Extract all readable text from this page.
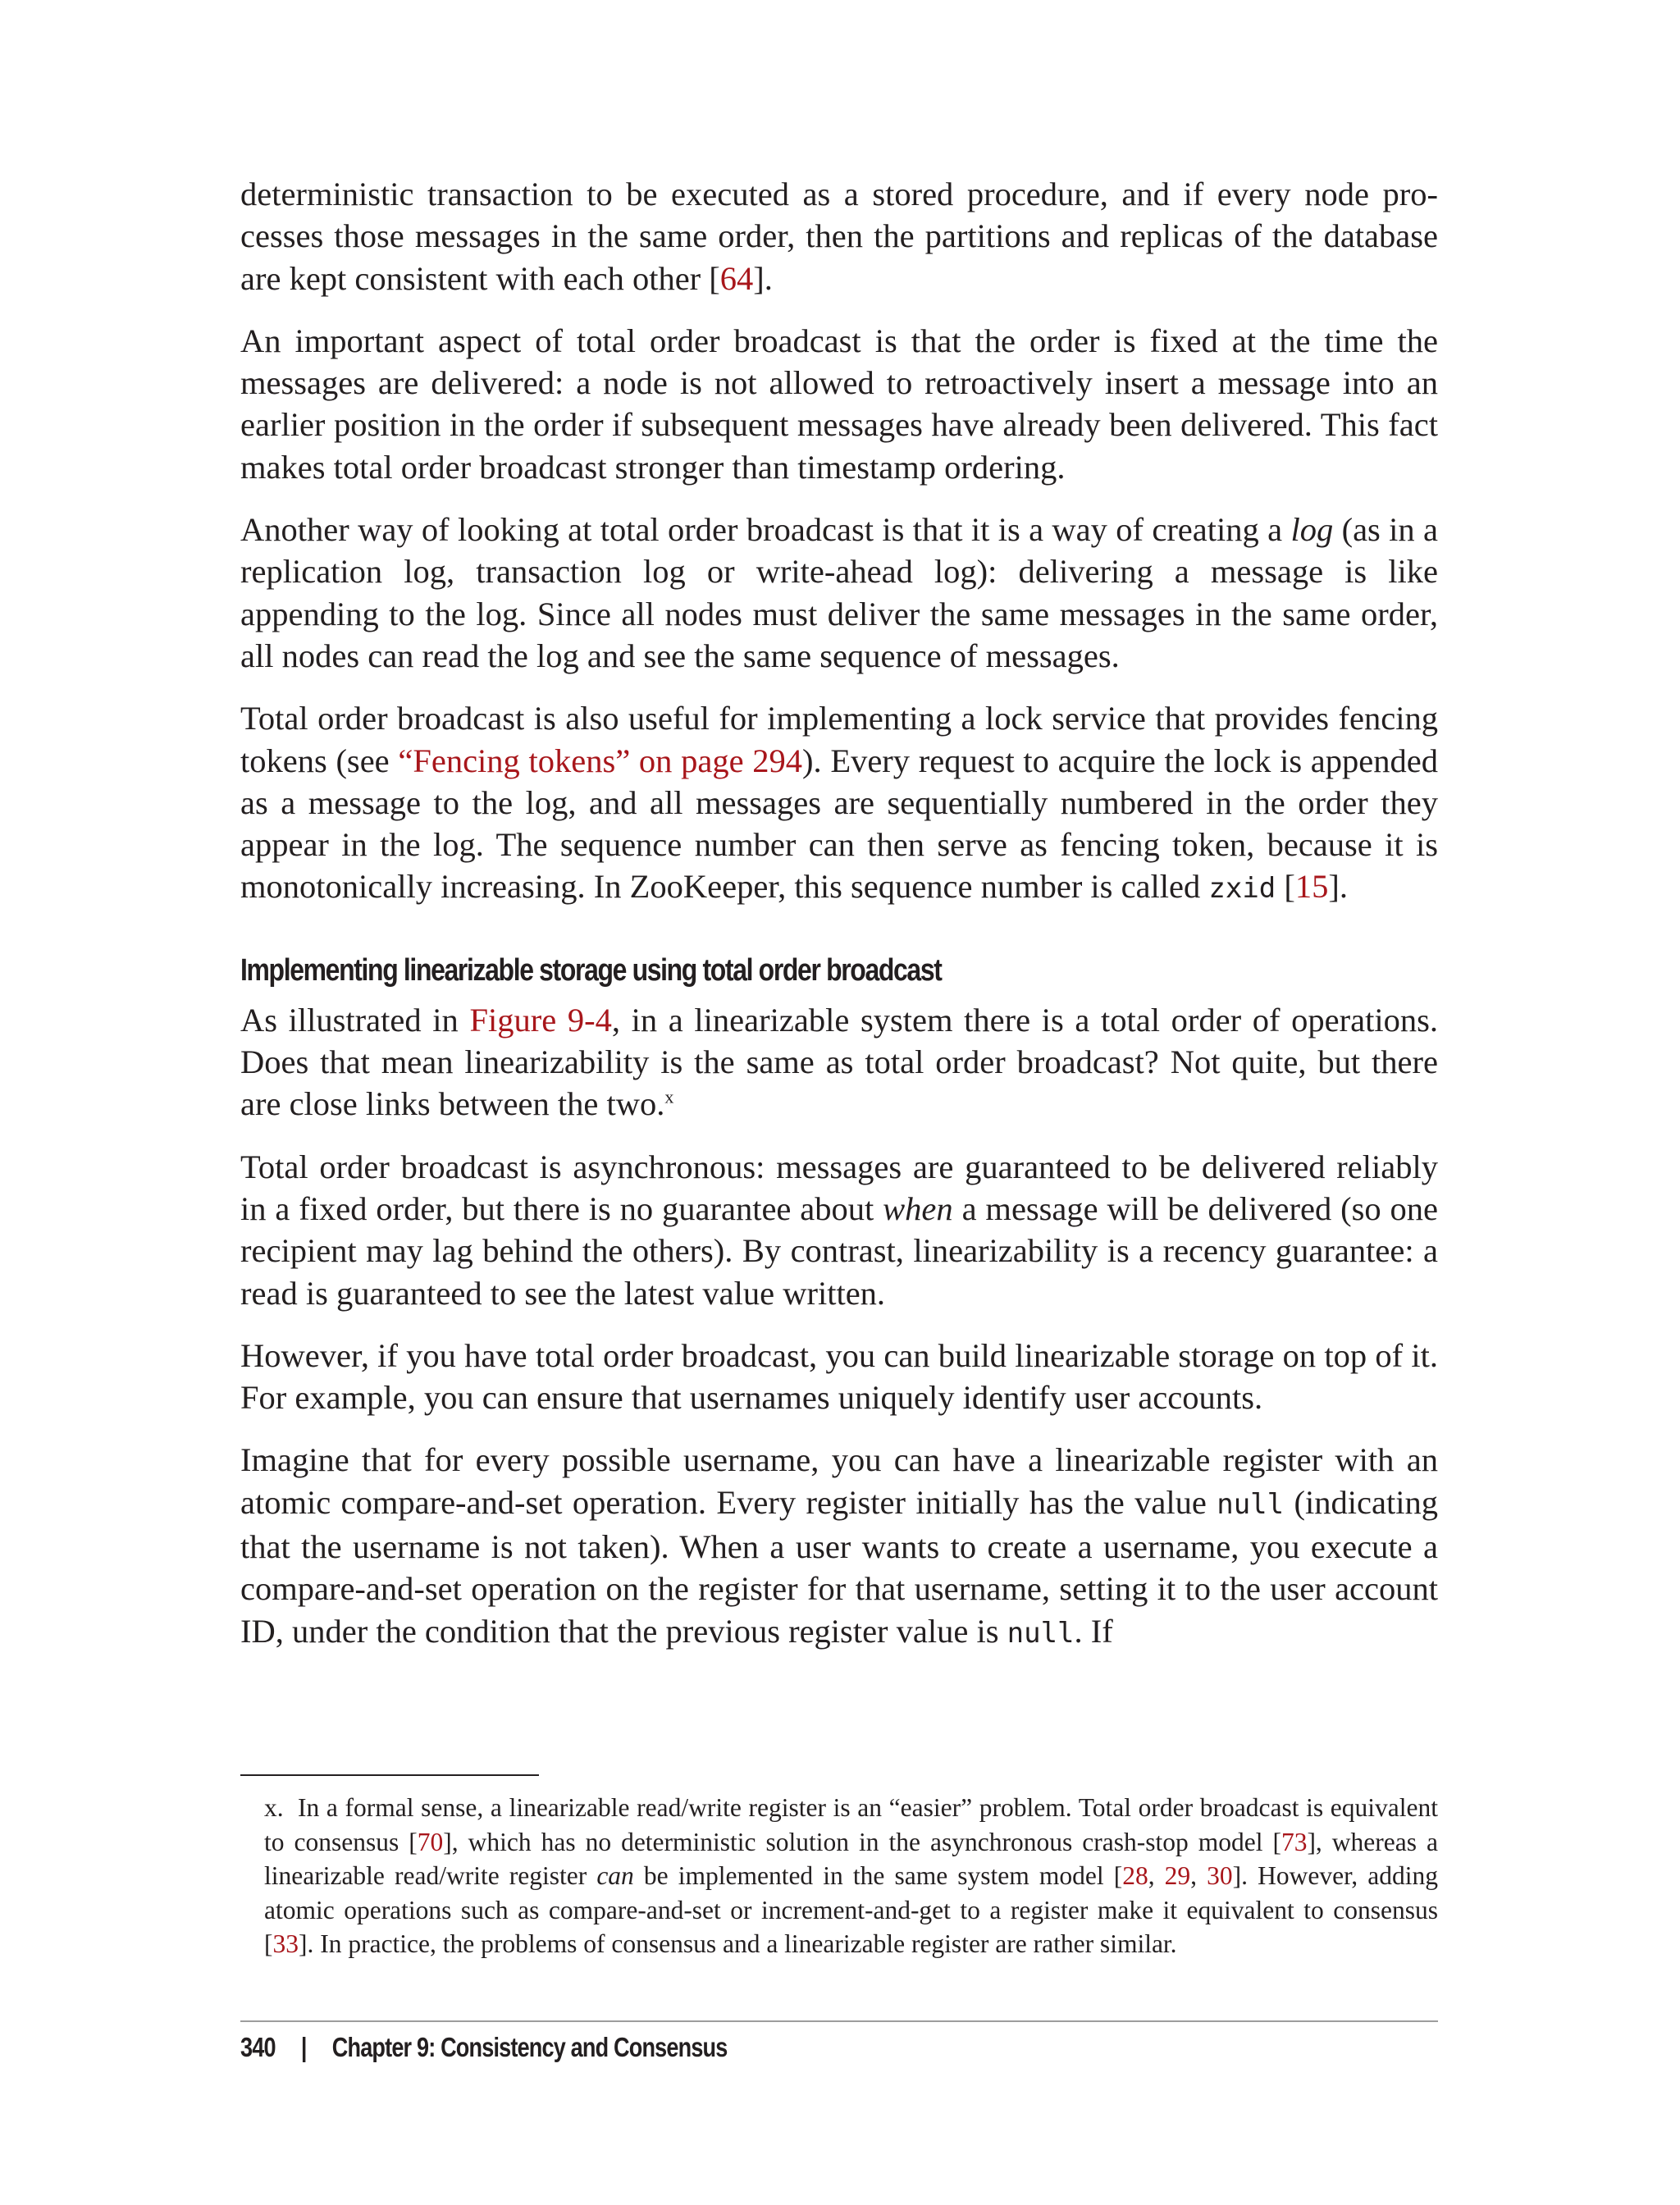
deterministic transaction to be executed as a stored procedure, and if every node processes those messages in the same order, then the partitions and replicas of the database are kept consistent with each other [64].

An important aspect of total order broadcast is that the order is fixed at the time the messages are delivered: a node is not allowed to retroactively insert a message into an earlier position in the order if subsequent messages have already been delivered. This fact makes total order broadcast stronger than timestamp ordering.

Another way of looking at total order broadcast is that it is a way of creating a log (as in a replication log, transaction log or write-ahead log): delivering a message is like appending to the log. Since all nodes must deliver the same messages in the same order, all nodes can read the log and see the same sequence of messages.

Total order broadcast is also useful for implementing a lock service that provides fencing tokens (see “Fencing tokens” on page 294). Every request to acquire the lock is appended as a message to the log, and all messages are sequentially numbered in the order they appear in the log. The sequence number can then serve as fencing token, because it is monotonically increasing. In ZooKeeper, this sequence number is called zxid [15].

Implementing linearizable storage using total order broadcast

As illustrated in Figure 9-4, in a linearizable system there is a total order of operations. Does that mean linearizability is the same as total order broadcast? Not quite, but there are close links between the two.$^x$

Total order broadcast is asynchronous: messages are guaranteed to be delivered reliably in a fixed order, but there is no guarantee about when a message will be delivered (so one recipient may lag behind the others). By contrast, linearizability is a recency guarantee: a read is guaranteed to see the latest value written.

However, if you have total order broadcast, you can build linearizable storage on top of it. For example, you can ensure that usernames uniquely identify user accounts.

Imagine that for every possible username, you can have a linearizable register with an atomic compare-and-set operation. Every register initially has the value null (indicating that the username is not taken). When a user wants to create a username, you execute a compare-and-set operation on the register for that username, setting it to the user account ID, under the condition that the previous register value is null. If

x. In a formal sense, a linearizable read/write register is an “easier” problem. Total order broadcast is equivalent to consensus [70], which has no deterministic solution in the asynchronous crash-stop model [73], whereas a linearizable read/write register can be implemented in the same system model [28, 29, 30]. However, adding atomic operations such as compare-and-set or increment-and-get to a register make it equivalent to consensus [33]. In practice, the problems of consensus and a linearizable register are rather similar.
340 | Chapter 9: Consistency and Consensus
